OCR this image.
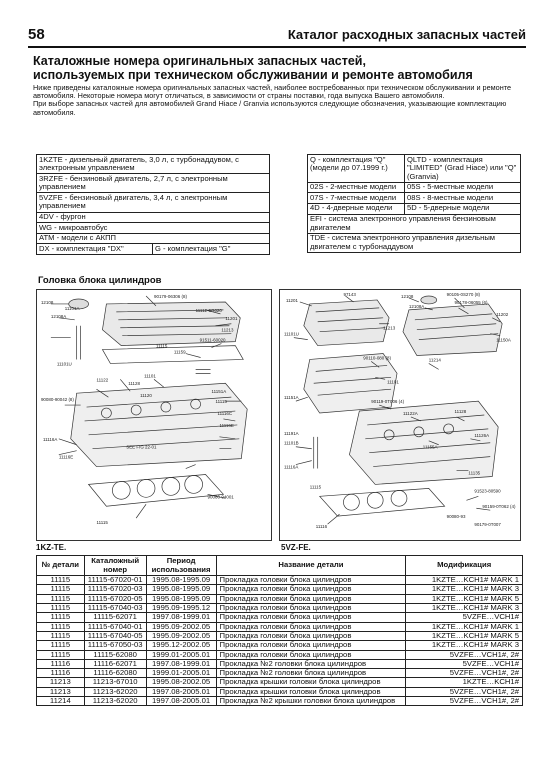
58	Каталог расходных запасных частей
Каталожные номера оригинальных запасных частей,
используемых при техническом обслуживании и ремонте автомобиля

Ниже приведены каталожные номера оригинальных запасных частей, наиболее востребованных при техническом обслуживании и ремонте автомобиля. Некоторые номера могут отличаться, в зависимости от страны поставки, года выпуска Вашего автомобиля.

При выборе запасных частей для автомобилей Grand Hiace / Granvia используются следующие обозначения, указывающие комплектацию автомобиля.

1KZTE - дизельный двигатель, 3,0 л, с турбонаддувом, с электронным управлением
3RZFE - бензиновый двигатель, 2,7 л, с электронным управлением
5VZFE - бензиновый двигатель, 3,4 л, с электронным управлением
4DV - фургон
WG - микроавтобус
ATM - модели с АКПП
DX - комплектация "DX"	G - комплектация "G"
Q - комплектация "Q" (модели до 07.1999 г.)	QLTD - комплектация "LIMITED" (Grad Hiace) или "Q" (Granvia)
02S - 2-местные модели	05S - 5-местные модели
07S - 7-местные модели	08S - 8-местные модели
4D - 4-дверные модели	5D - 5-дверные модели
EFI - система электронного управления бензиновым двигателем	
TDE - система электронного управления дизельным двигателем с турбонаддувом	
Головка блока цилиндров
90179-06306 (8)
11201
12108
12108A
11101A
11115
11213
11101U
11101
11122
11128
11159
11151A
11120
11115
11116C
11116E
11116A
90080-90042 (8)
11116E
SEE FIG 22-01
90080-94001
11115
91511-60020
11112-6G020
11201
97143	12108
12108A
90105-0S270 (8)
90178-06055 (6)
11213
11202
11150A
11101U
90110-080 (8)
11101
11214
11151A
90119-0T006 (4)
11122A	11128
11155A
11126A
11101B
11191A
11116A
11135
91523-80590
90159-0T062 (4)
90179-0T007
11115
11116
90080-93
1KZ-TE.	5VZ-FE.
№ детали	Каталожный номер	Период использования	Название детали	Модификация
11115	11115-67020-01	1995.08-1995.09	Прокладка головки блока цилиндров	1KZTE…KCH1# MARK 1
11115	11115-67020-03	1995.08-1995.09	Прокладка головки блока цилиндров	1KZTE…KCH1# MARK 3
11115	11115-67020-05	1995.08-1995.09	Прокладка головки блока цилиндров	1KZTE…KCH1# MARK 5
11115	11115-67040-03	1995.09-1995.12	Прокладка головки блока цилиндров	1KZTE…KCH1# MARK 3
11115	11115-62071	1997.08-1999.01	Прокладка головки блока цилиндров	5VZFE…VCH1#
11115	11115-67040-01	1995.09-2002.05	Прокладка головки блока цилиндров	1KZTE…KCH1# MARK 1
11115	11115-67040-05	1995.09-2002.05	Прокладка головки блока цилиндров	1KZTE…KCH1# MARK 5
11115	11115-67050-03	1995.12-2002.05	Прокладка головки блока цилиндров	1KZTE…KCH1# MARK 3
11115	11115-62080	1999.01-2005.01	Прокладка головки блока цилиндров	5VZFE…VCH1#, 2#
11116	11116-62071	1997.08-1999.01	Прокладка №2 головки блока цилиндров	5VZFE…VCH1#
11116	11116-62080	1999.01-2005.01	Прокладка №2 головки блока цилиндров	5VZFE…VCH1#, 2#
11213	11213-67010	1995.08-2002.05	Прокладка крышки головки блока цилиндров	1KZTE…KCH1#
11213	11213-62020	1997.08-2005.01	Прокладка крышки головки блока цилиндров	5VZFE…VCH1#, 2#
11214	11213-62020	1997.08-2005.01	Прокладка №2 крышки головки блока цилиндров	5VZFE…VCH1#, 2#
